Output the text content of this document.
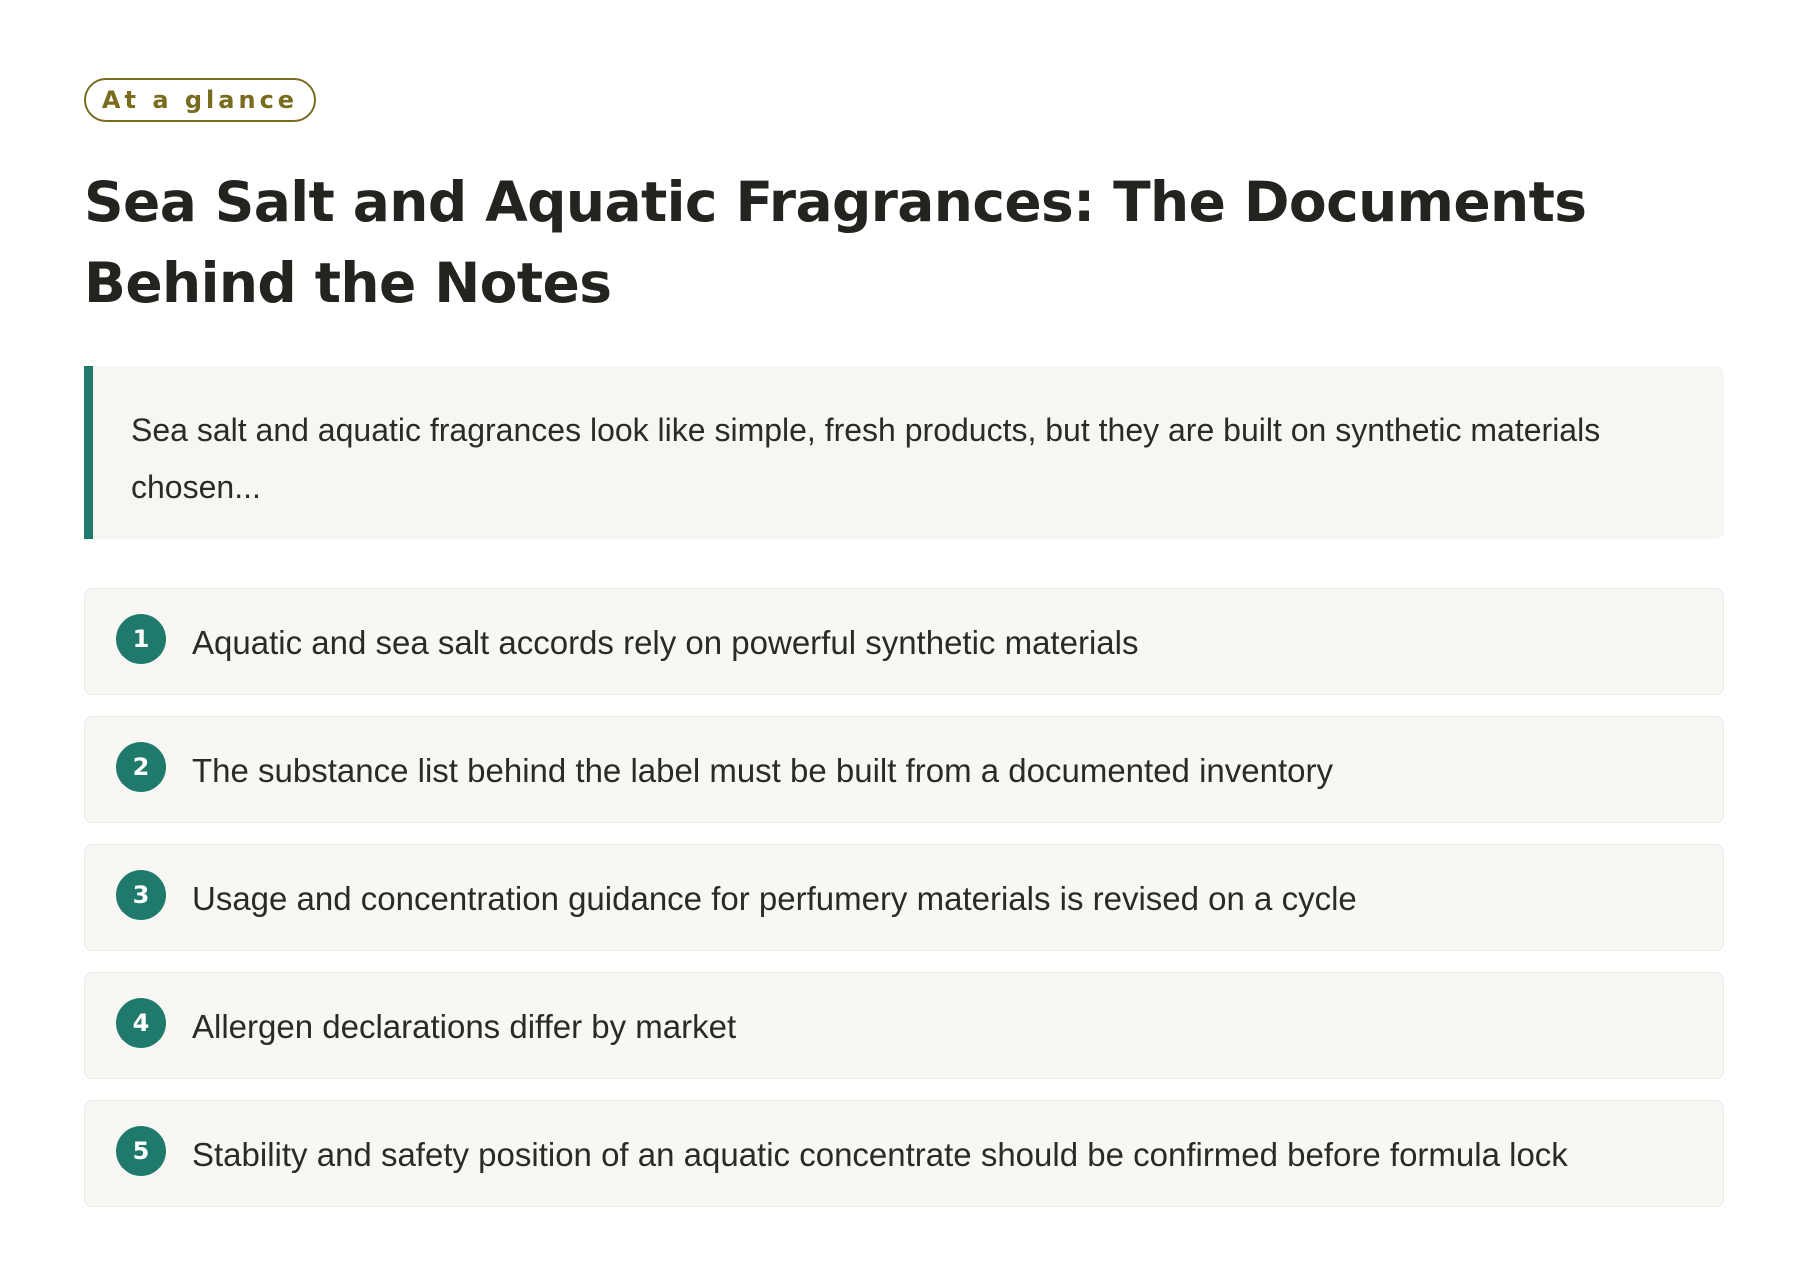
At a glance
Sea Salt and Aquatic Fragrances: The Documents Behind the Notes
Sea salt and aquatic fragrances look like simple, fresh products, but they are built on synthetic materials chosen...
1	Aquatic and sea salt accords rely on powerful synthetic materials
2	The substance list behind the label must be built from a documented inventory
3	Usage and concentration guidance for perfumery materials is revised on a cycle
4	Allergen declarations differ by market
5	Stability and safety position of an aquatic concentrate should be confirmed before formula lock
